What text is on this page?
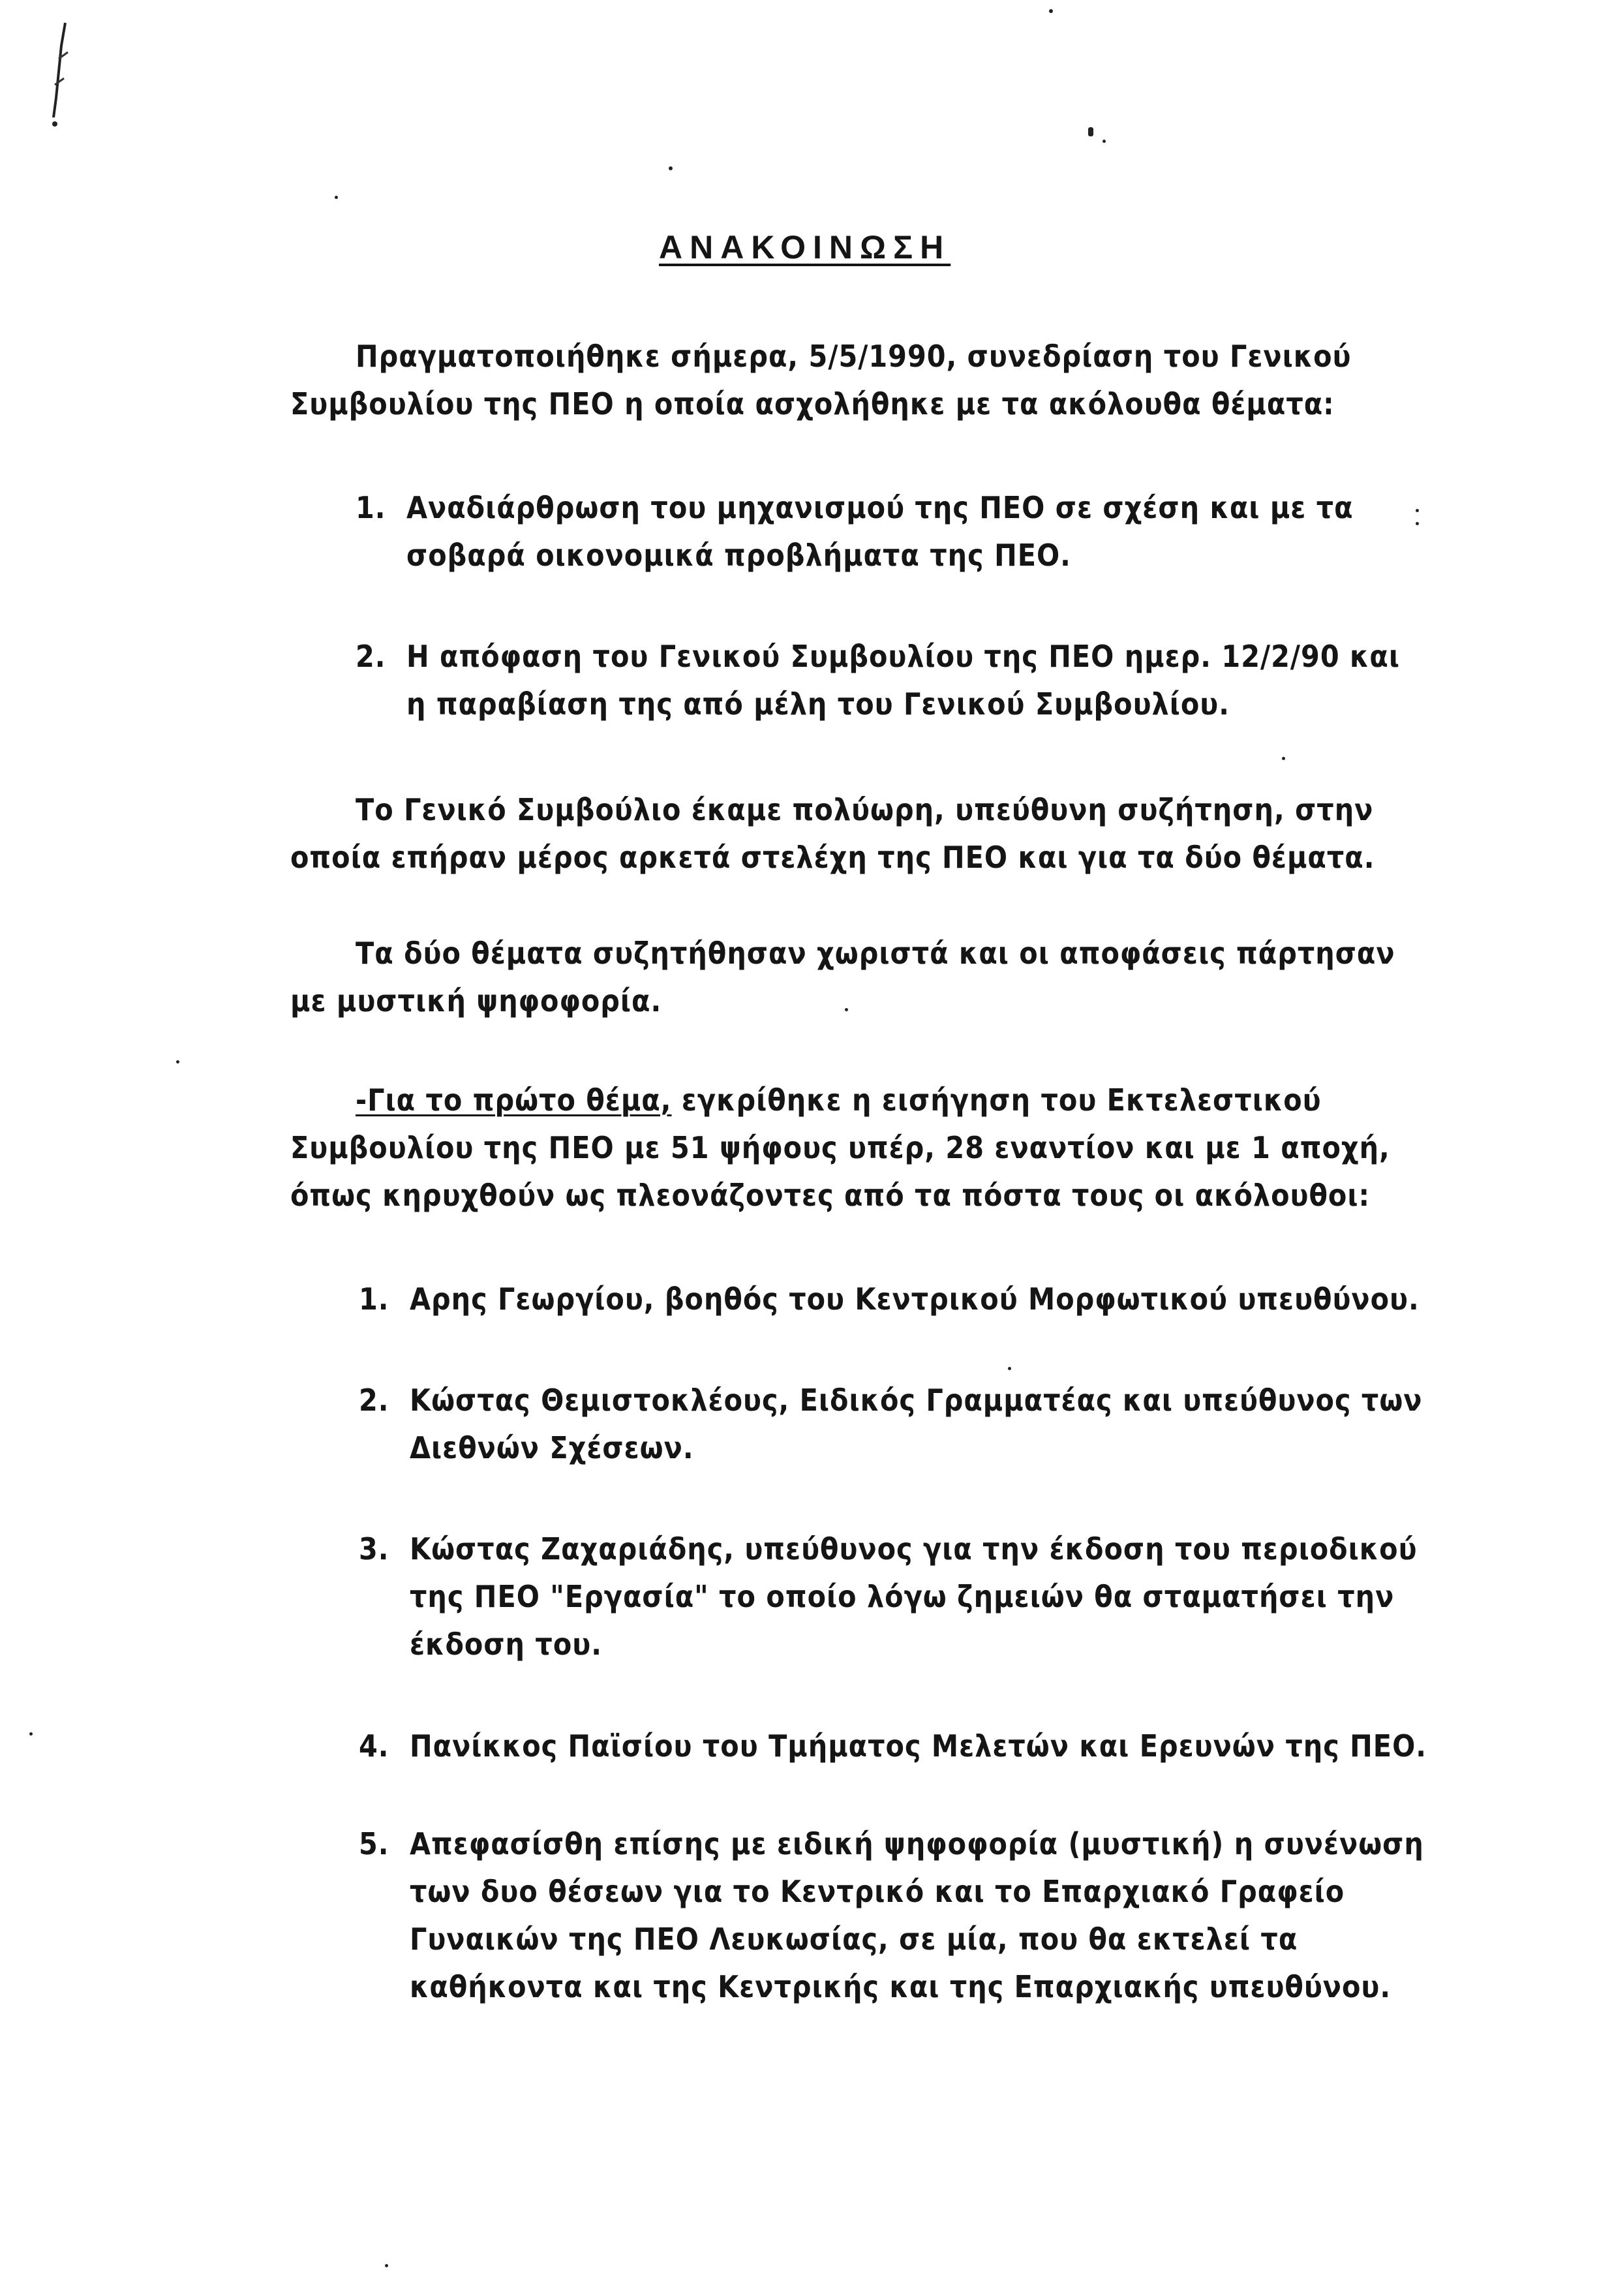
ΑΝΑΚΟΙΝΩΣΗ
Πραγματοποιήθηκε σήμερα, 5/5/1990, συνεδρίαση του Γενικού
Συμβουλίου της ΠΕΟ η οποία ασχολήθηκε με τα ακόλουθα θέματα:
1. Αναδιάρθρωση του μηχανισμού της ΠΕΟ σε σχέση και με τα
σοβαρά οικονομικά προβλήματα της ΠΕΟ.
2. Η απόφαση του Γενικού Συμβουλίου της ΠΕΟ ημερ. 12/2/90 και
η παραβίαση της από μέλη του Γενικού Συμβουλίου.
Το Γενικό Συμβούλιο έκαμε πολύωρη, υπεύθυνη συζήτηση, στην
οποία επήραν μέρος αρκετά στελέχη της ΠΕΟ και για τα δύο θέματα.
Τα δύο θέματα συζητήθησαν χωριστά και οι αποφάσεις πάρτησαν
με μυστική ψηφοφορία.
-Για το πρώτο θέμα, εγκρίθηκε η εισήγηση του Εκτελεστικού
Συμβουλίου της ΠΕΟ με 51 ψήφους υπέρ, 28 εναντίον και με 1 αποχή,
όπως κηρυχθούν ως πλεονάζοντες από τα πόστα τους οι ακόλουθοι:
1. Αρης Γεωργίου, βοηθός του Κεντρικού Μορφωτικού υπευθύνου.
2. Κώστας Θεμιστοκλέους, Ειδικός Γραμματέας και υπεύθυνος των
Διεθνών Σχέσεων.
3. Κώστας Ζαχαριάδης, υπεύθυνος για την έκδοση του περιοδικού
της ΠΕΟ "Εργασία" το οποίο λόγω ζημειών θα σταματήσει την
έκδοση του.
4. Πανίκκος Παϊσίου του Τμήματος Μελετών και Ερευνών της ΠΕΟ.
5. Απεφασίσθη επίσης με ειδική ψηφοφορία (μυστική) η συνένωση
των δυο θέσεων για το Κεντρικό και το Επαρχιακό Γραφείο
Γυναικών της ΠΕΟ Λευκωσίας, σε μία, που θα εκτελεί τα
καθήκοντα και της Κεντρικής και της Επαρχιακής υπευθύνου.
